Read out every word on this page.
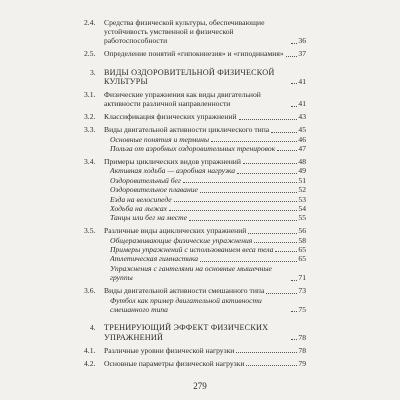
2.4.	Средства физической культуры, обеспечивающие устойчивость умственной и физической работоспособности	36
2.5.	Определение понятий «гипокинезия» и «гиподинамия» 37
3.	ВИДЫ ОЗДОРОВИТЕЛЬНОЙ ФИЗИЧЕСКОЙ КУЛЬТУРЫ	41
3.1.	Физические упражнения как виды двигательной активности различной направленности	41
3.2.	Классификация физических упражнений	43
3.3.	Виды двигательной активности циклического типа	45
Основные понятия и термины	46
Польза от аэробных оздоровительных тренировок	47
3.4.	Примеры циклических видов упражнений	48
Активная ходьба — аэробная нагрузка	49
Оздоровительный бег	51
Оздоровительное плавание	52
Езда на велосипеде	53
Ходьба на лыжах	54
Танцы или бег на месте	55
3.5.	Различные виды ациклических упражнений	56
Общеразвивающие физические упражнения	58
Примеры упражнений с использованием веса тела	65
Атлетическая гимнастика	65
Упражнения с гантелями на основные мышечные группы	71
3.6.	Виды двигательной активности смешанного типа	73
Футбол как пример двигательной активности смешанного типа	75
4.	ТРЕНИРУЮЩИЙ ЭФФЕКТ ФИЗИЧЕСКИХ УПРАЖНЕНИЙ	78
4.1.	Различные уровни физической нагрузки	78
4.2.	Основные параметры физической нагрузки	79
279
